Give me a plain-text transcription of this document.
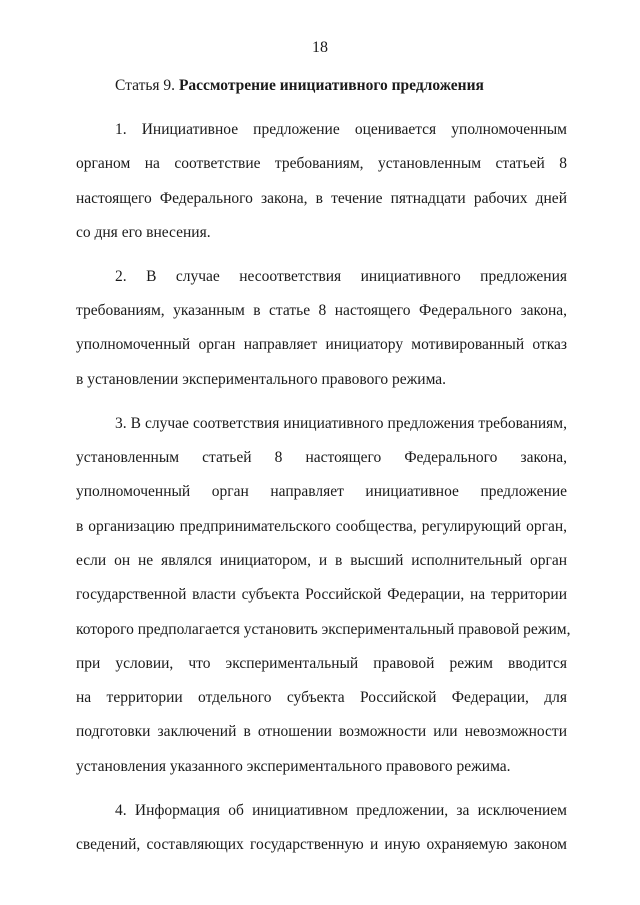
18
Статья 9. Рассмотрение инициативного предложения
1. Инициативное предложение оценивается уполномоченным
органом на соответствие требованиям, установленным статьей 8
настоящего Федерального закона, в течение пятнадцати рабочих дней
со дня его внесения.
2. В случае несоответствия инициативного предложения
требованиям, указанным в статье 8 настоящего Федерального закона,
уполномоченный орган направляет инициатору мотивированный отказ
в установлении экспериментального правового режима.
3. В случае соответствия инициативного предложения требованиям,
установленным статьей 8 настоящего Федерального закона,
уполномоченный орган направляет инициативное предложение
в организацию предпринимательского сообщества, регулирующий орган,
если он не являлся инициатором, и в высший исполнительный орган
государственной власти субъекта Российской Федерации, на территории
которого предполагается установить экспериментальный правовой режим,
при условии, что экспериментальный правовой режим вводится
на территории отдельного субъекта Российской Федерации, для
подготовки заключений в отношении возможности или невозможности
установления указанного экспериментального правового режима.
4. Информация об инициативном предложении, за исключением
сведений, составляющих государственную и иную охраняемую законом
